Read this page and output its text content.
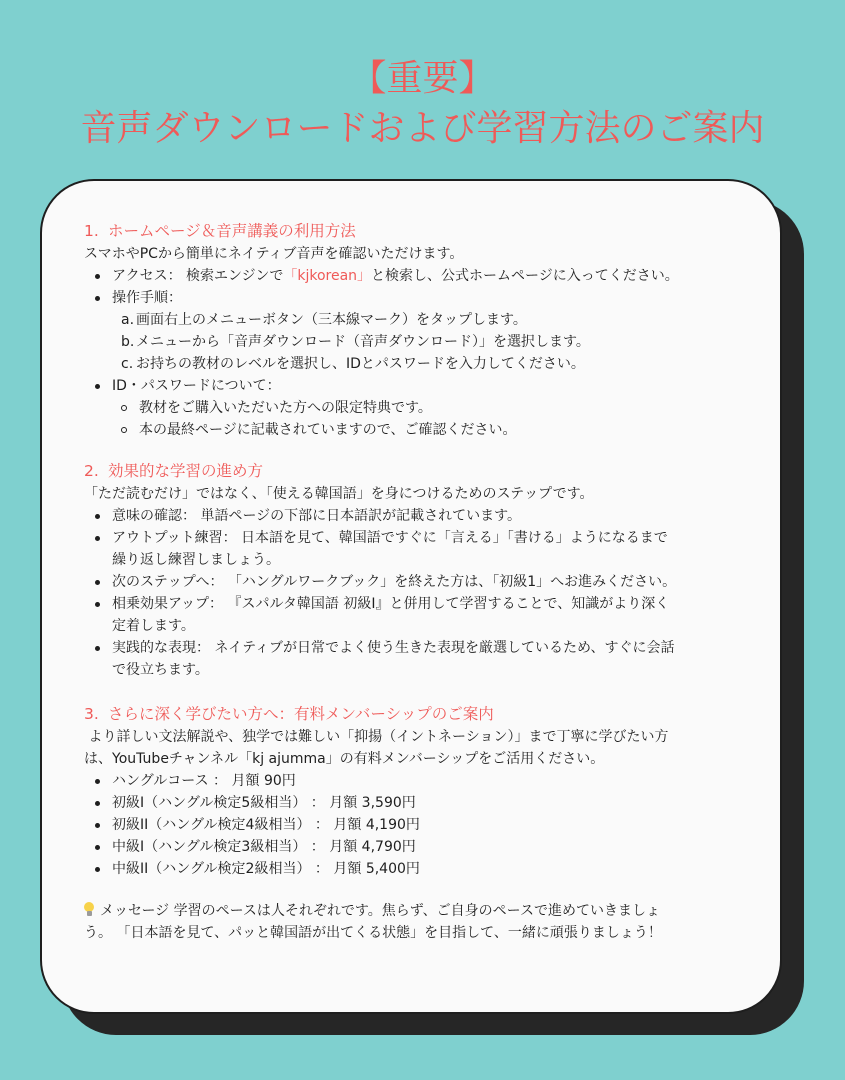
【重要】
音声ダウンロードおよび学習方法のご案内
1. ホームページ＆音声講義の利用方法
スマホやPCから簡単にネイティブ音声を確認いただけます。
アクセス： 検索エンジンで「kjkorean」と検索し、公式ホームページに入ってください。
操作手順：
a. 画面右上のメニューボタン（三本線マーク）をタップします。
b. メニューから「音声ダウンロード（音声ダウンロード）」を選択します。
c. お持ちの教材のレベルを選択し、IDとパスワードを入力してください。
ID・パスワードについて：
教材をご購入いただいた方への限定特典です。
本の最終ページに記載されていますので、ご確認ください。
2. 効果的な学習の進め方
「ただ読むだけ」ではなく、「使える韓国語」を身につけるためのステップです。
意味の確認： 単語ページの下部に日本語訳が記載されています。
アウトプット練習： 日本語を見て、韓国語ですぐに「言える」「書ける」ようになるまで
繰り返し練習しましょう。
次のステップへ： 「ハングルワークブック」を終えた方は、「初級1」へお進みください。
相乗効果アップ： 『スパルタ韓国語 初級I』と併用して学習することで、知識がより深く
定着します。
実践的な表現： ネイティブが日常でよく使う生きた表現を厳選しているため、すぐに会話
で役立ちます。
3. さらに深く学びたい方へ：有料メンバーシップのご案内
より詳しい文法解説や、独学では難しい「抑揚（イントネーション）」まで丁寧に学びたい方
は、YouTubeチャンネル「kj ajumma」の有料メンバーシップをご活用ください。
ハングルコース ： 月額 90円
初級I（ハングル検定5級相当） ： 月額 3,590円
初級II（ハングル検定4級相当） ： 月額 4,190円
中級I（ハングル検定3級相当） ： 月額 4,790円
中級II（ハングル検定2級相当） ： 月額 5,400円
メッセージ 学習のペースは人それぞれです。焦らず、ご自身のペースで進めていきましょ
う。 「日本語を見て、パッと韓国語が出てくる状態」を目指して、一緒に頑張りましょう！
